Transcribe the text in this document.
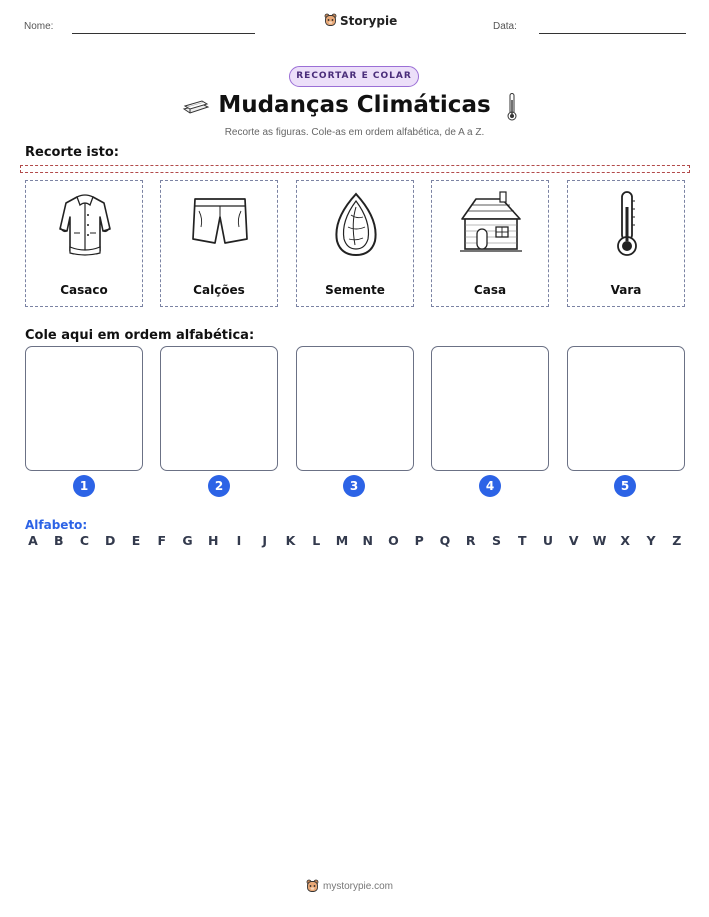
Nome:	Storypie	Data:
RECORTAR E COLAR
Mudanças Climáticas
Recorte as figuras. Cole-as em ordem alfabética, de A a Z.
Recorte isto:
Casaco	Calções	Semente	Casa	Vara
Cole aqui em ordem alfabética:
1	2	3	4	5
Alfabeto:
A B C D E F G H	I	J	K	L	M N O P Q R S T U V W X Y Z
mystorypie.com
